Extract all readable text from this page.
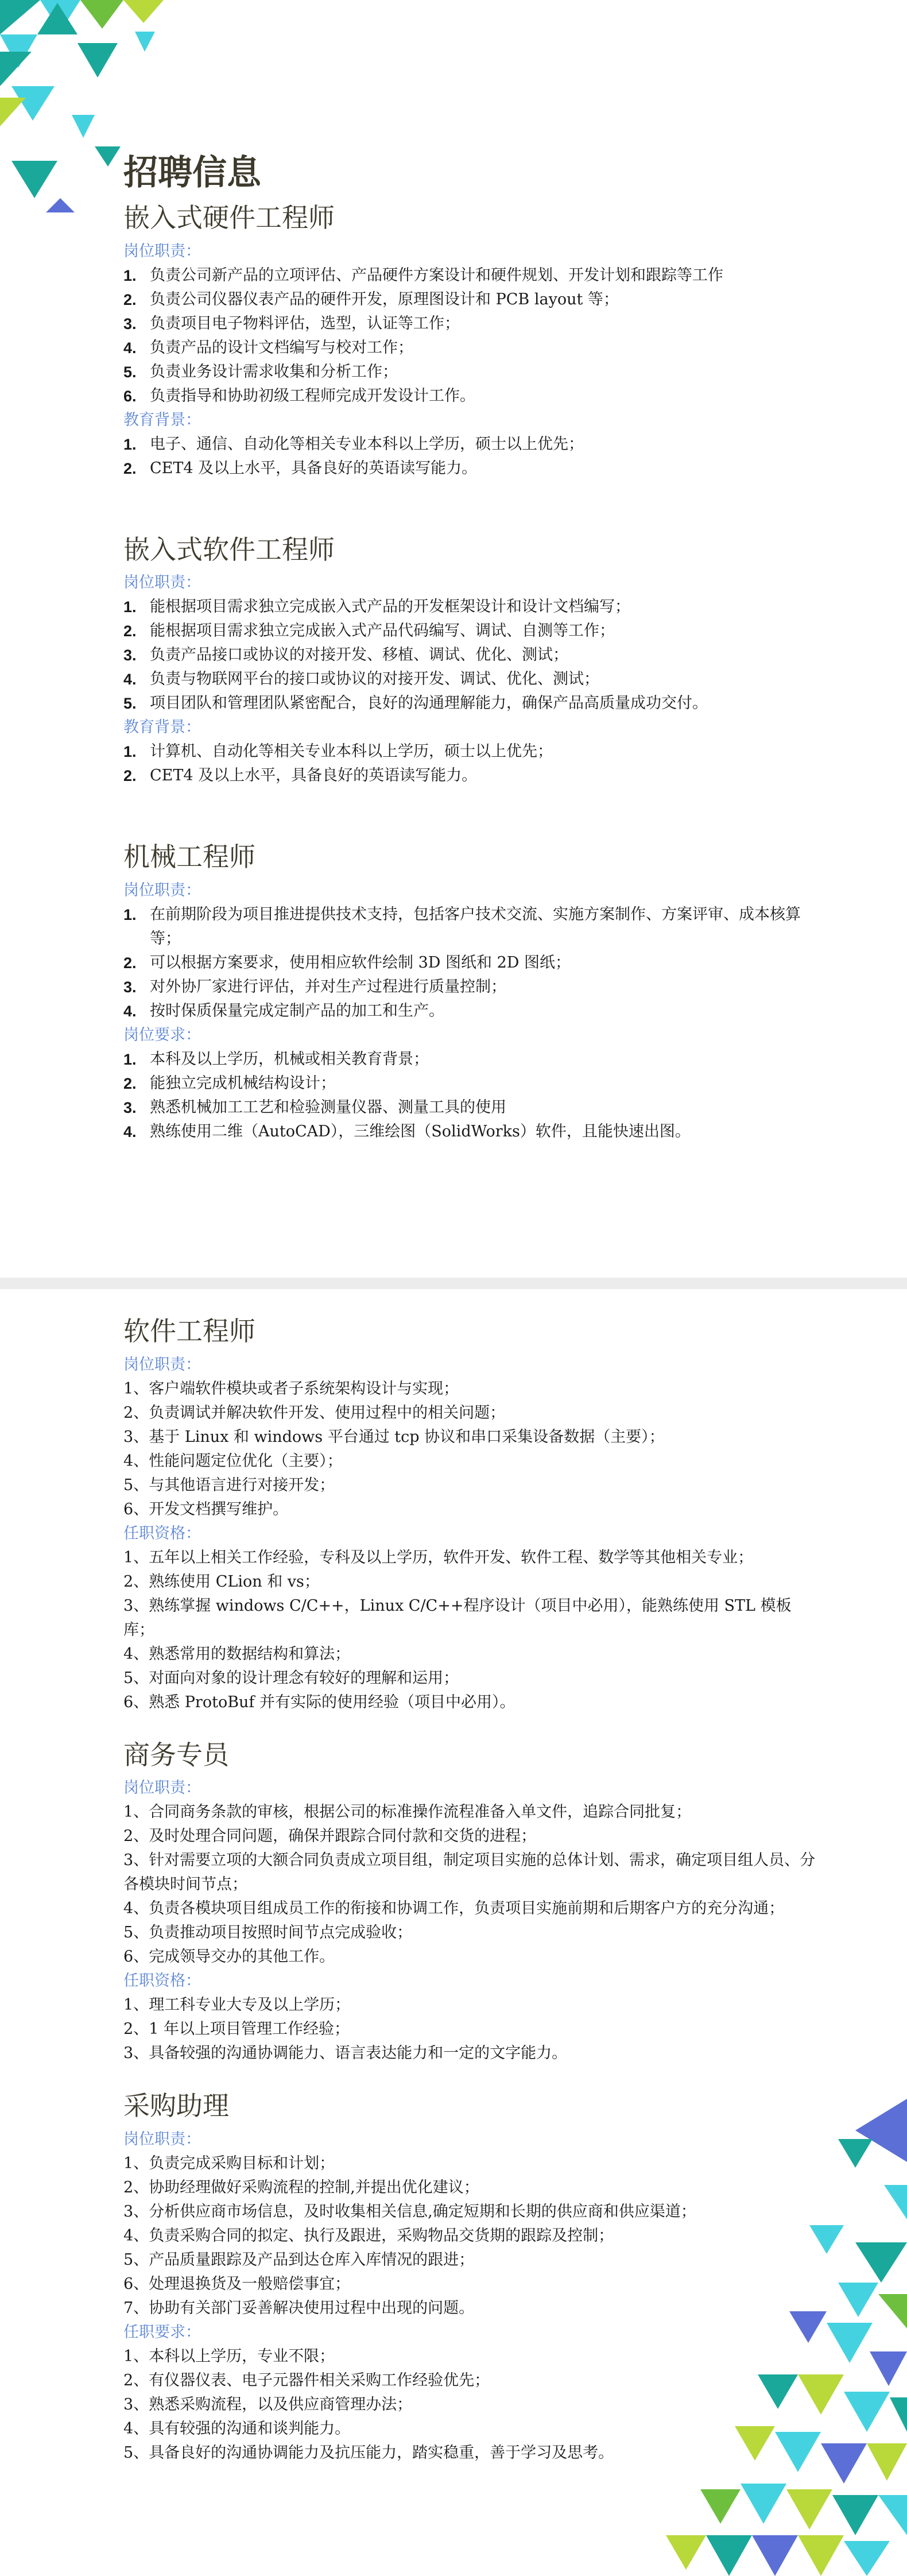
招聘信息
嵌入式硬件工程师
岗位职责：
1. 负责公司新产品的立项评估、产品硬件方案设计和硬件规划、开发计划和跟踪等工作
2. 负责公司仪器仪表产品的硬件开发，原理图设计和 PCB layout 等；
3. 负责项目电子物料评估，选型，认证等工作；
4. 负责产品的设计文档编写与校对工作；
5. 负责业务设计需求收集和分析工作；
6. 负责指导和协助初级工程师完成开发设计工作。
教育背景：
1. 电子、通信、自动化等相关专业本科以上学历，硕士以上优先；
2. CET4 及以上水平，具备良好的英语读写能力。
嵌入式软件工程师
岗位职责：
1. 能根据项目需求独立完成嵌入式产品的开发框架设计和设计文档编写；
2. 能根据项目需求独立完成嵌入式产品代码编写、调试、自测等工作；
3. 负责产品接口或协议的对接开发、移植、调试、优化、测试；
4. 负责与物联网平台的接口或协议的对接开发、调试、优化、测试；
5. 项目团队和管理团队紧密配合，良好的沟通理解能力，确保产品高质量成功交付。
教育背景：
1. 计算机、自动化等相关专业本科以上学历，硕士以上优先；
2. CET4 及以上水平，具备良好的英语读写能力。
机械工程师
岗位职责：
1. 在前期阶段为项目推进提供技术支持，包括客户技术交流、实施方案制作、方案评审、成本核算等；
2. 可以根据方案要求，使用相应软件绘制 3D 图纸和 2D 图纸；
3. 对外协厂家进行评估，并对生产过程进行质量控制；
4. 按时保质保量完成定制产品的加工和生产。
岗位要求：
1. 本科及以上学历，机械或相关教育背景；
2. 能独立完成机械结构设计；
3. 熟悉机械加工工艺和检验测量仪器、测量工具的使用
4. 熟练使用二维（AutoCAD），三维绘图（SolidWorks）软件，且能快速出图。
软件工程师
岗位职责：
1、客户端软件模块或者子系统架构设计与实现；
2、负责调试并解决软件开发、使用过程中的相关问题；
3、基于 Linux 和 windows 平台通过 tcp 协议和串口采集设备数据（主要）；
4、性能问题定位优化（主要）；
5、与其他语言进行对接开发；
6、开发文档撰写维护。
任职资格：
1、五年以上相关工作经验，专科及以上学历，软件开发、软件工程、数学等其他相关专业；
2、熟练使用 CLion 和 vs；
3、熟练掌握 windows C/C++，Linux C/C++程序设计（项目中必用），能熟练使用 STL 模板库；
4、熟悉常用的数据结构和算法；
5、对面向对象的设计理念有较好的理解和运用；
6、熟悉 ProtoBuf 并有实际的使用经验（项目中必用）。
商务专员
岗位职责：
1、合同商务条款的审核，根据公司的标准操作流程准备入单文件，追踪合同批复；
2、及时处理合同问题，确保并跟踪合同付款和交货的进程；
3、针对需要立项的大额合同负责成立项目组，制定项目实施的总体计划、需求，确定项目组人员、分各模块时间节点；
4、负责各模块项目组成员工作的衔接和协调工作，负责项目实施前期和后期客户方的充分沟通；
5、负责推动项目按照时间节点完成验收；
6、完成领导交办的其他工作。
任职资格：
1、理工科专业大专及以上学历；
2、1 年以上项目管理工作经验；
3、具备较强的沟通协调能力、语言表达能力和一定的文字能力。
采购助理
岗位职责：
1、负责完成采购目标和计划；
2、协助经理做好采购流程的控制,并提出优化建议；
3、分析供应商市场信息，及时收集相关信息,确定短期和长期的供应商和供应渠道；
4、负责采购合同的拟定、执行及跟进，采购物品交货期的跟踪及控制；
5、产品质量跟踪及产品到达仓库入库情况的跟进；
6、处理退换货及一般赔偿事宜；
7、协助有关部门妥善解决使用过程中出现的问题。
任职要求：
1、本科以上学历，专业不限；
2、有仪器仪表、电子元器件相关采购工作经验优先；
3、熟悉采购流程，以及供应商管理办法；
4、具有较强的沟通和谈判能力。
5、具备良好的沟通协调能力及抗压能力，踏实稳重，善于学习及思考。
